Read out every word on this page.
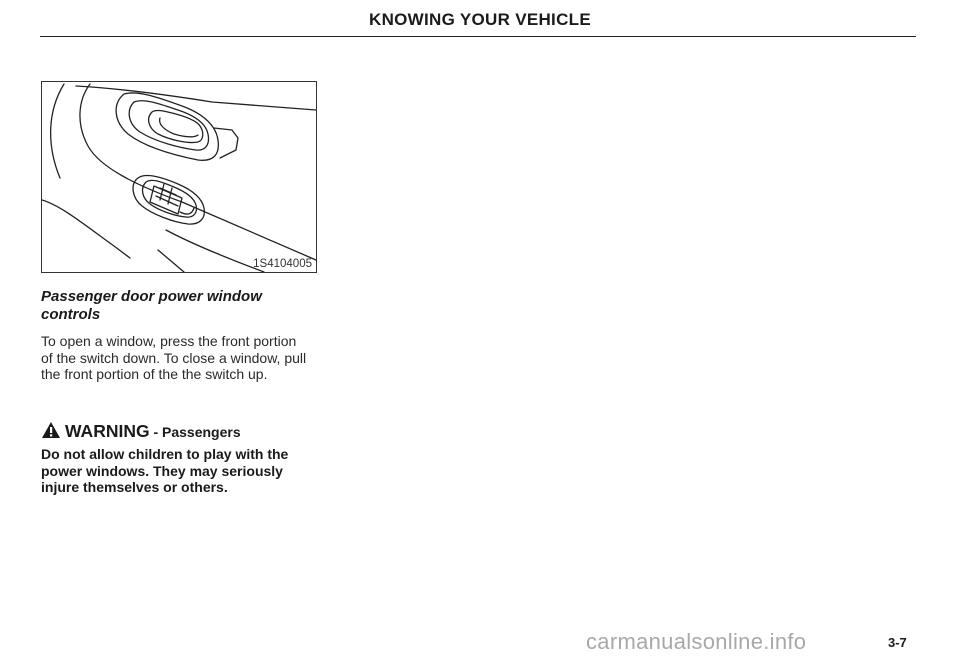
KNOWING YOUR VEHICLE
1S4104005
Passenger door power window controls
To open a window, press the front portion of the switch down. To close a window, pull the front portion of the the switch up.
WARNING - Passengers
Do not allow children to play with the power windows. They may seriously injure themselves or others.
carmanualsonline.info	3-7
